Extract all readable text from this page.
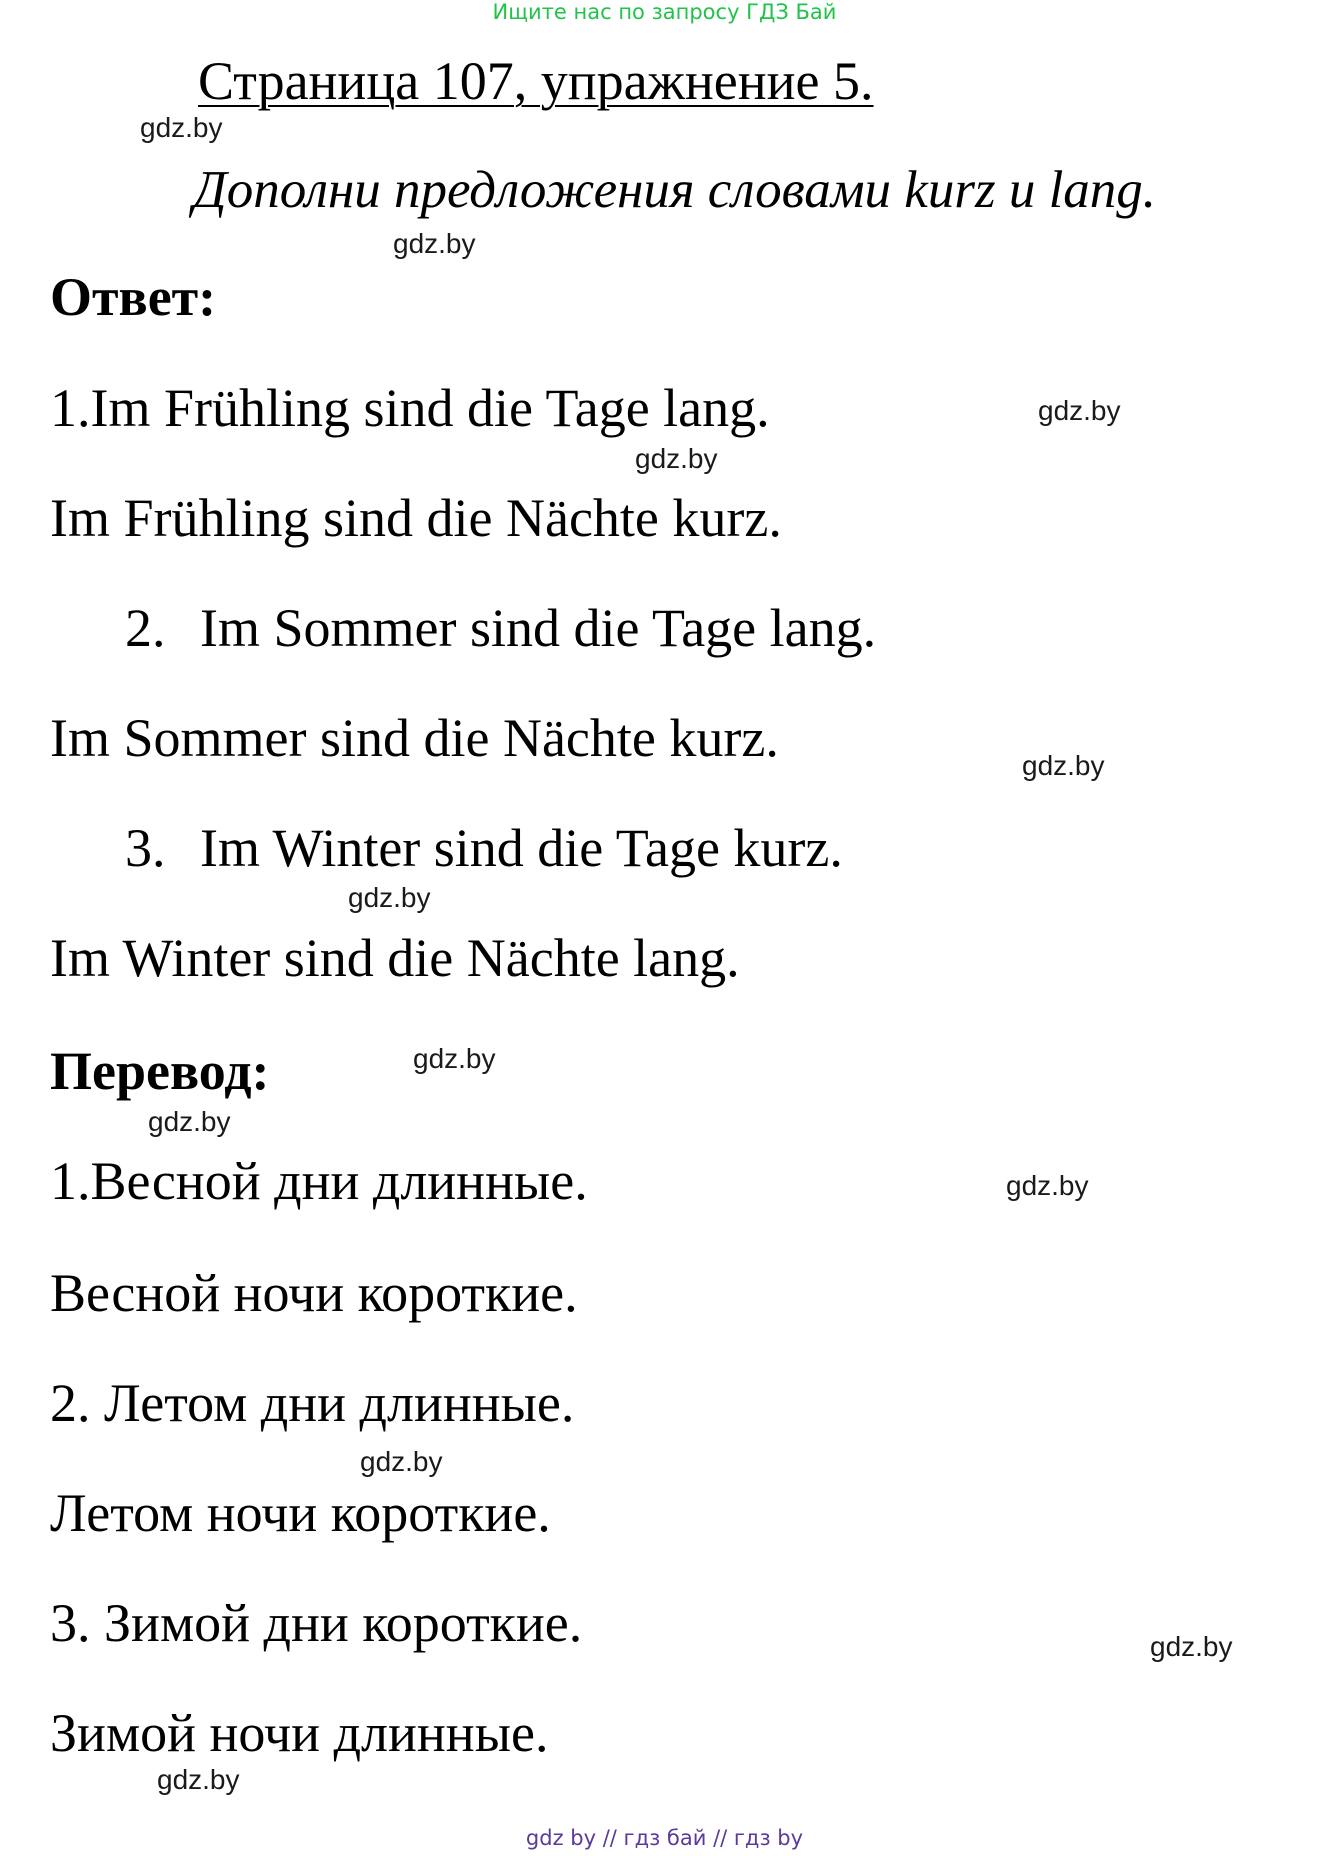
Ищите нас по запросу ГДЗ Бай
Страница 107, упражнение 5.
gdz.by
Дополни предложения словами kurz и lang.
gdz.by
Ответ:
1.Im Frühling sind die Tage lang.	gdz.by
gdz.by
Im Frühling sind die Nächte kurz.
2. Im Sommer sind die Tage lang.
Im Sommer sind die Nächte kurz.	gdz.by
3. Im Winter sind die Tage kurz.
gdz.by
Im Winter sind die Nächte lang.
Перевод:	gdz.by
gdz.by
1.Весной дни длинные.	gdz.by
Весной ночи короткие.
2. Летом дни длинные.
gdz.by
Летом ночи короткие.
3. Зимой дни короткие.	gdz.by
Зимой ночи длинные.
gdz.by
gdz by // гдз бай // гдз by
